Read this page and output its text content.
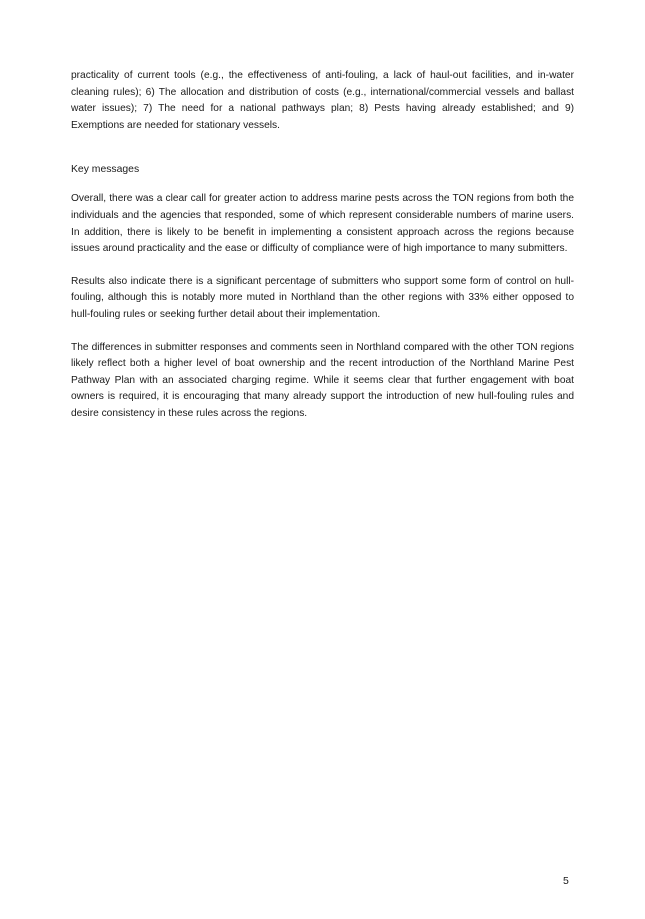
practicality of current tools (e.g., the effectiveness of anti-fouling, a lack of haul-out facilities, and in-water cleaning rules); 6) The allocation and distribution of costs (e.g., international/commercial vessels and ballast water issues); 7) The need for a national pathways plan; 8) Pests having already established; and 9) Exemptions are needed for stationary vessels.

Key messages

Overall, there was a clear call for greater action to address marine pests across the TON regions from both the individuals and the agencies that responded, some of which represent considerable numbers of marine users. In addition, there is likely to be benefit in implementing a consistent approach across the regions because issues around practicality and the ease or difficulty of compliance were of high importance to many submitters.

Results also indicate there is a significant percentage of submitters who support some form of control on hull-fouling, although this is notably more muted in Northland than the other regions with 33% either opposed to hull-fouling rules or seeking further detail about their implementation.

The differences in submitter responses and comments seen in Northland compared with the other TON regions likely reflect both a higher level of boat ownership and the recent introduction of the Northland Marine Pest Pathway Plan with an associated charging regime. While it seems clear that further engagement with boat owners is required, it is encouraging that many already support the introduction of new hull-fouling rules and desire consistency in these rules across the regions.

5
